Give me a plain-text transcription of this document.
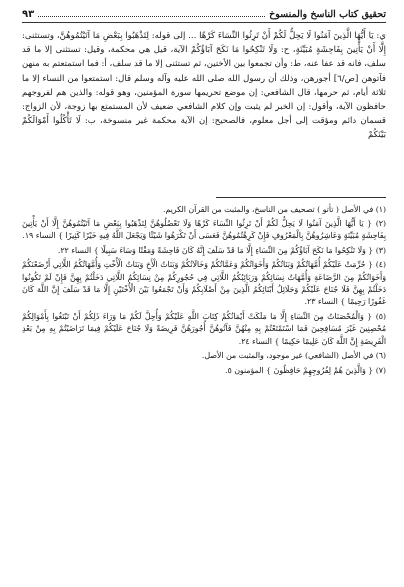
تحقيق كتاب الناسخ والمنسوخ
٩٣

ي: يَا أَيُّهَا الَّذِينَ آمَنُوا لَا يَحِلُّ لَكُمْ أَنْ تَرِثُوا النِّسَاءَ كَرْهًا ... إلى قوله: لِتَذْهَبُوا بِبَعْضِ مَا آتَيْتُمُوهُنَّ، وتستثنى: إِلَّا أَنْ يَأْتِينَ بِفَاحِشَةٍ مُبَيِّنَةٍ، ح: وَلَا تَنْكِحُوا مَا نَكَحَ آبَاؤُكُمْ الآية، قيل هي محكمة، وقيل: تستثنى إلا ما قد سلف، فانه قد عفا عنه، ط: وأن تجمعوا بين الأختين، ثم تستثنى إلا ما قد سلف، أ: فما استمتعتم به منهن فآتوهن [ص/٦] أجورهن، وذلك أن رسول الله صلى الله عليه وآله وسلم قال: استمتعوا من النساء إلا ما ثلاثة أيام، ثم حرمها، قال الشافعي: إن موضع تحريمها سورة المؤمنين، وهو قوله: والذين هم لفروجهم حافظون الآية، وأقول: إن الخبر لم يثبت وإن كلام الشافعي ضعيف لأن المستمتع بها زوجة، لأن الزواج: قسمان دائم ومؤقت إلى أجل معلوم، فالصحيح: إن الآية محكمة غير منسوخة، ب: لَا تَأْكُلُوا أَمْوَالَكُمْ بَيْنَكُمْ

(١) في الأصل ( تأتو ) تصحيف من الناسخ، والمثبت من القرآن الكريم.

(٢) { يَا أَيُّهَا الَّذِينَ آمَنُوا لَا يَحِلُّ لَكُمْ أَنْ تَرِثُوا النِّسَاءَ كَرْهًا وَلَا تَعْضُلُوهُنَّ لِتَذْهَبُوا بِبَعْضِ مَا آتَيْتُمُوهُنَّ إِلَّا أَنْ يَأْتِينَ بِفَاحِشَةٍ مُبَيِّنَةٍ وَعَاشِرُوهُنَّ بِالْمَعْرُوفِ فَإِنْ كَرِهْتُمُوهُنَّ فَعَسَى أَنْ تَكْرَهُوا شَيْئًا وَيَجْعَلَ اللَّهُ فِيهِ خَيْرًا كَثِيرًا } النساء ١٩.

(٣) { وَلَا تَنْكِحُوا مَا نَكَحَ آبَاؤُكُمْ مِنَ النِّسَاءِ إِلَّا مَا قَدْ سَلَفَ إِنَّهُ كَانَ فَاحِشَةً وَمَقْتًا وَسَاءَ سَبِيلًا } النساء ٢٢.

(٤) { حُرِّمَتْ عَلَيْكُمْ أُمَّهَاتُكُمْ وَبَنَاتُكُمْ وَأَخَوَاتُكُمْ وَعَمَّاتُكُمْ وَخَالَاتُكُمْ وَبَنَاتُ الْأَخِ وَبَنَاتُ الْأُخْتِ وَأُمَّهَاتُكُمُ اللَّاتِي أَرْضَعْنَكُمْ وَأَخَوَاتُكُمْ مِنَ الرَّضَاعَةِ وَأُمَّهَاتُ نِسَائِكُمْ وَرَبَائِبُكُمُ اللَّاتِي فِي حُجُورِكُمْ مِنْ نِسَائِكُمُ اللَّاتِي دَخَلْتُمْ بِهِنَّ فَإِنْ لَمْ تَكُونُوا دَخَلْتُمْ بِهِنَّ فَلَا جُنَاحَ عَلَيْكُمْ وَحَلَائِلُ أَبْنَائِكُمُ الَّذِينَ مِنْ أَصْلَابِكُمْ وَأَنْ تَجْمَعُوا بَيْنَ الْأُخْتَيْنِ إِلَّا مَا قَدْ سَلَفَ إِنَّ اللَّهَ كَانَ غَفُورًا رَحِيمًا } النساء ٢٣.

(٥) { وَالْمُحْصَنَاتُ مِنَ النِّسَاءِ إِلَّا مَا مَلَكَتْ أَيْمَانُكُمْ كِتَابَ اللَّهِ عَلَيْكُمْ وَأُحِلَّ لَكُمْ مَا وَرَاءَ ذَلِكُمْ أَنْ تَبْتَغُوا بِأَمْوَالِكُمْ مُحْصِنِينَ غَيْرَ مُسَافِحِينَ فَمَا اسْتَمْتَعْتُمْ بِهِ مِنْهُنَّ فَآتُوهُنَّ أُجُورَهُنَّ فَرِيضَةً وَلَا جُنَاحَ عَلَيْكُمْ فِيمَا تَرَاضَيْتُمْ بِهِ مِنْ بَعْدِ الْفَرِيضَةِ إِنَّ اللَّهَ كَانَ عَلِيمًا حَكِيمًا } النساء ٢٤.

(٦) في الأصل (الشافعي) غير موجود، والمثبت من الأصل.

(٧) { وَالَّذِينَ هُمْ لِفُرُوجِهِمْ حَافِظُونَ } المؤمنون ٥.
